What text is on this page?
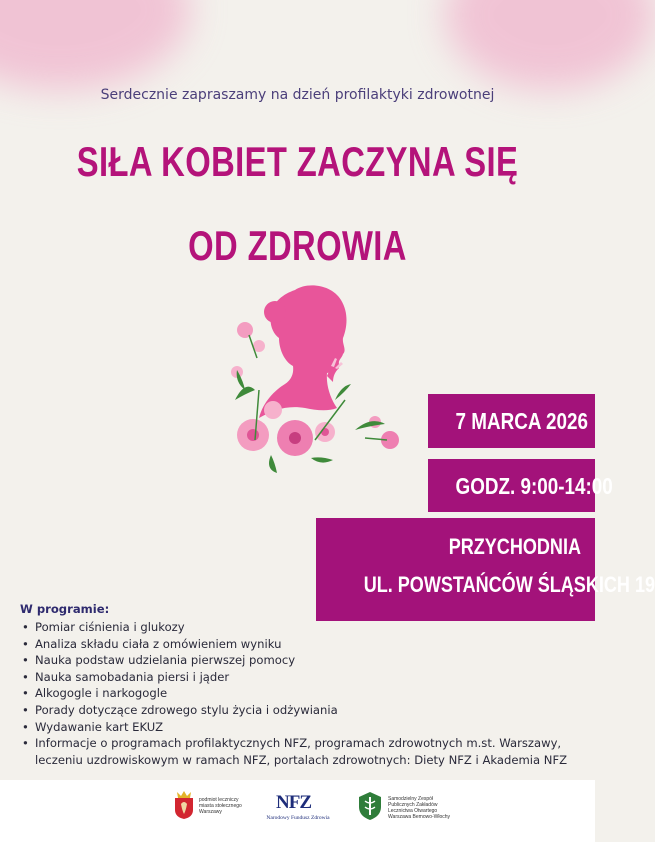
Serdecznie zapraszamy na dzień profilaktyki zdrowotnej
SIŁA KOBIET ZACZYNA SIĘ
OD ZDROWIA
7 MARCA 2026
GODZ. 9:00-14:00
PRZYCHODNIA
UL. POWSTAŃCÓW ŚLĄSKICH 19
W programie:
• Pomiar ciśnienia i glukozy
• Analiza składu ciała z omówieniem wyniku
• Nauka podstaw udzielania pierwszej pomocy
• Nauka samobadania piersi i jąder
• Alkogogle i narkogogle
• Porady dotyczące zdrowego stylu życia i odżywiania
• Wydawanie kart EKUZ
• Informacje o programach profilaktycznych NFZ, programach zdrowotnych m.st. Warszawy, leczeniu uzdrowiskowym w ramach NFZ, portalach zdrowotnych: Diety NFZ i Akademia NFZ
podmiot leczniczy miasta stołecznego Warszawy	NFZ
Narodowy Fundusz Zdrowia
Samodzielny Zespół Publicznych Zakładów Lecznictwa Otwartego Warszawa Bemowo-Włochy
